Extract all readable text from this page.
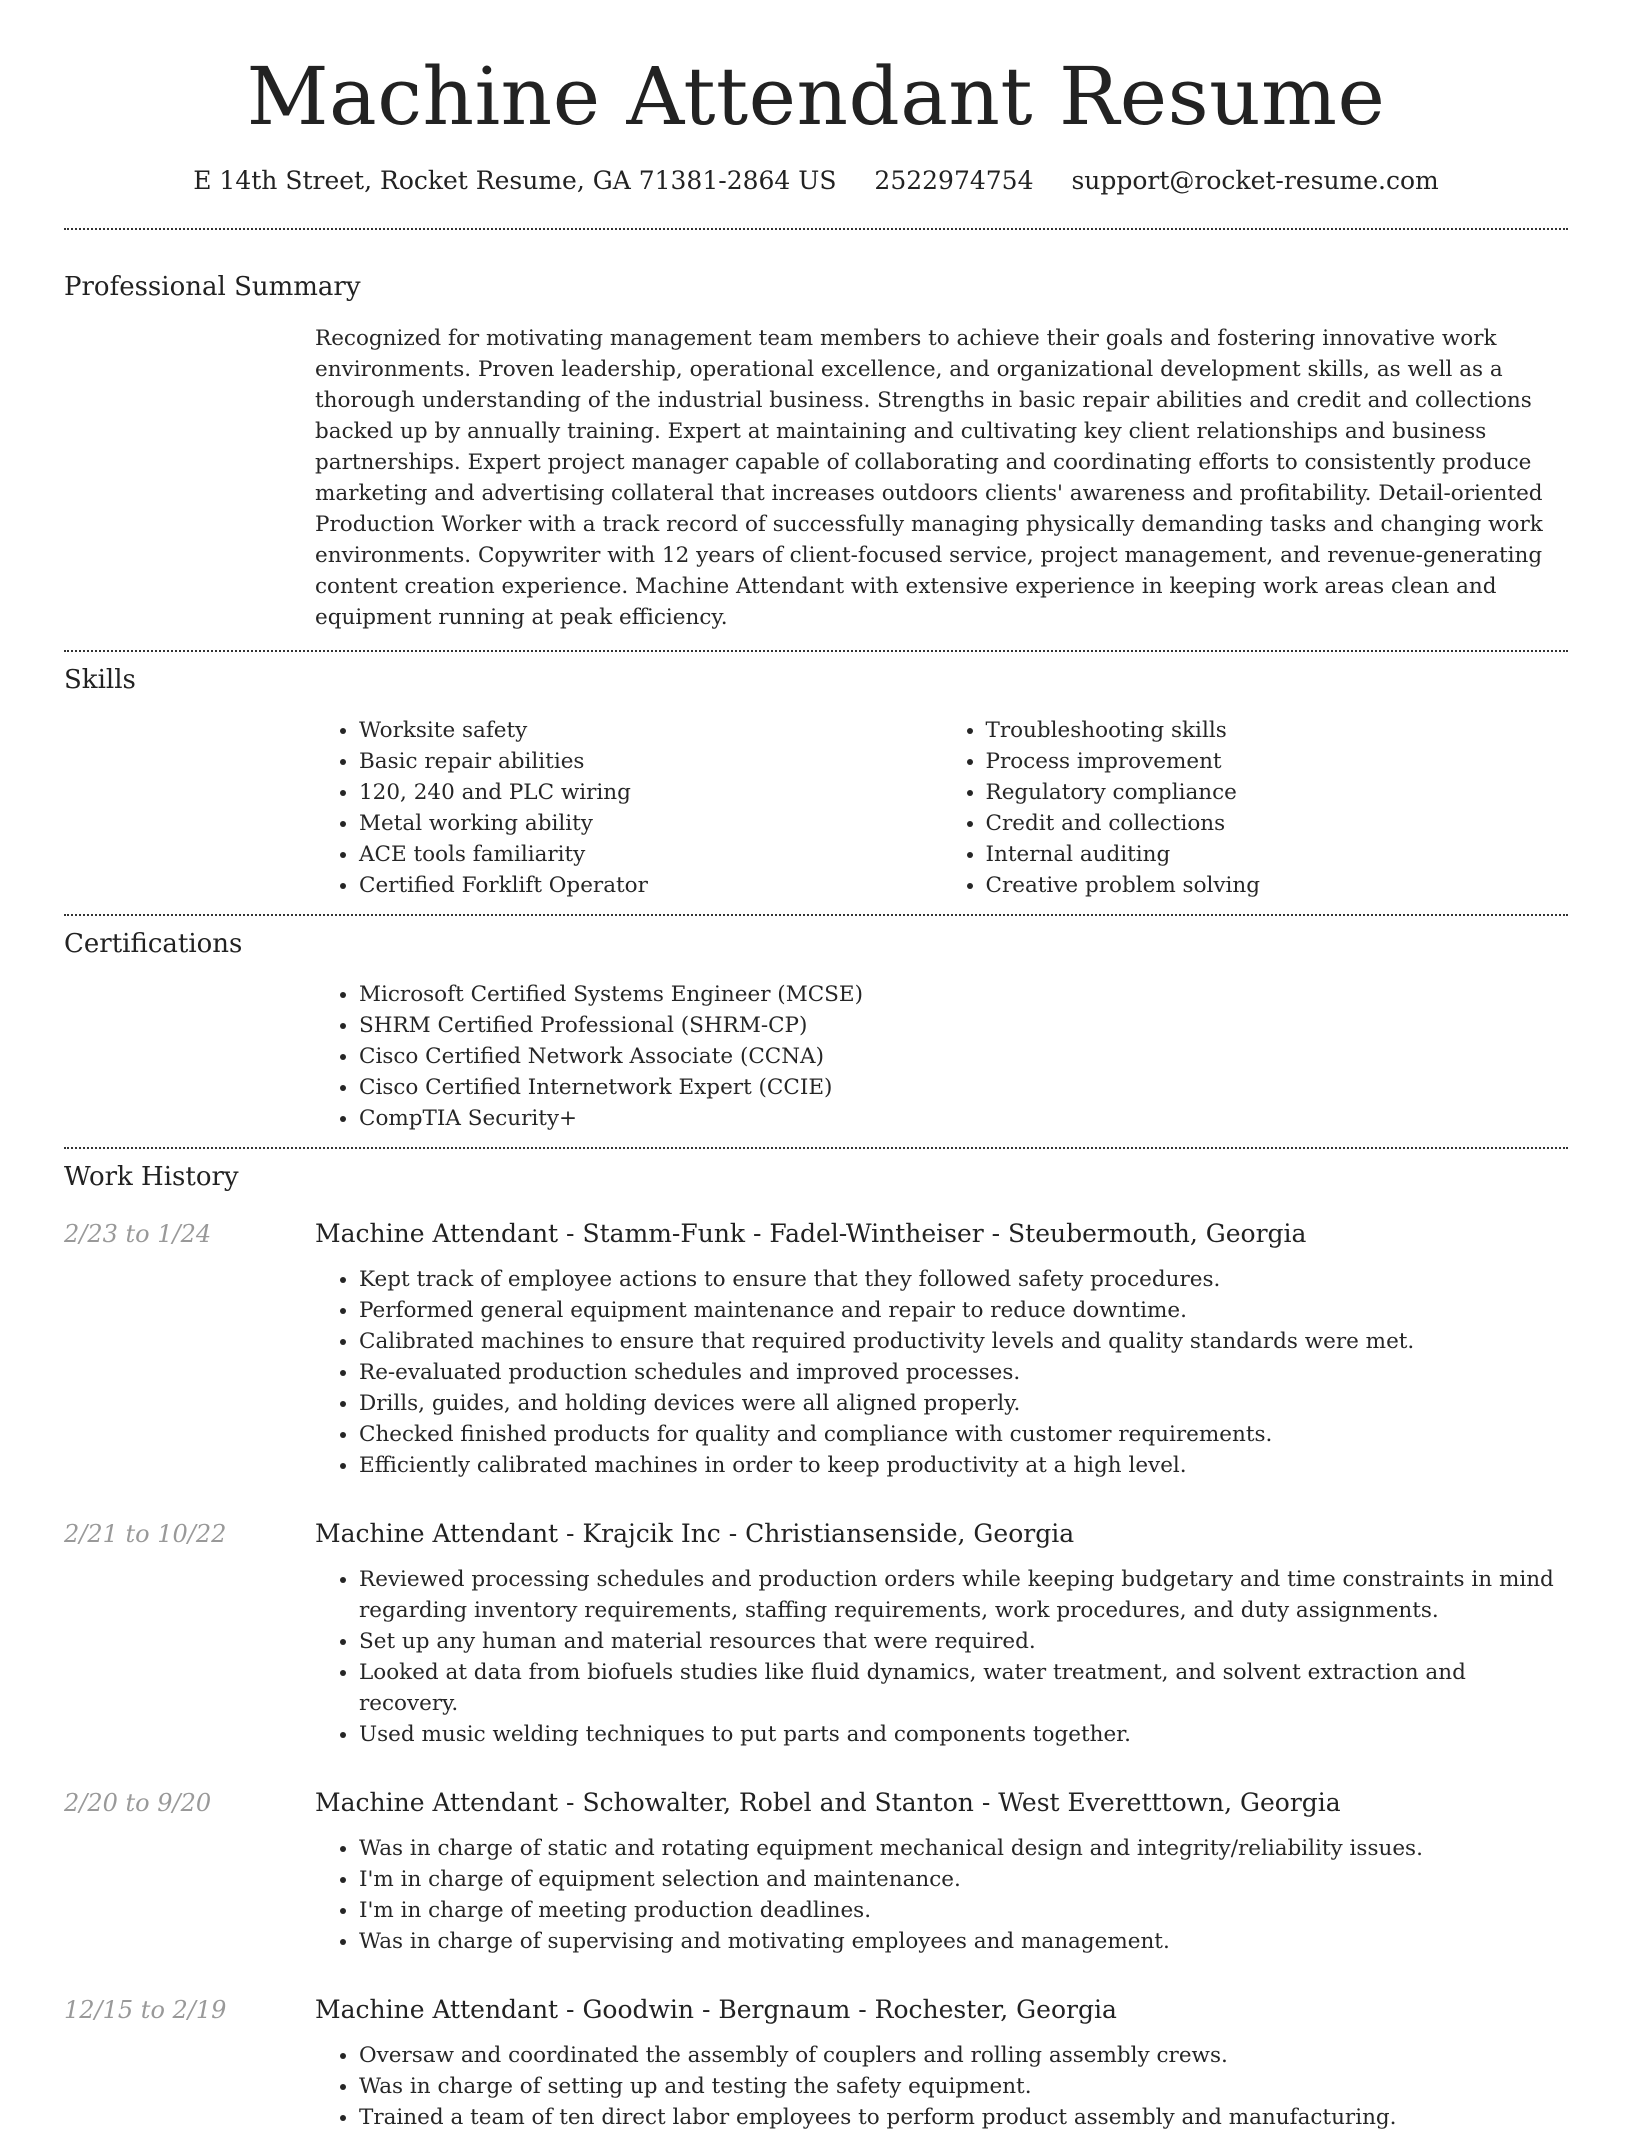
Machine Attendant Resume
E 14th Street, Rocket Resume, GA 71381-2864 US 2522974754 support@rocket-resume.com
Professional Summary

Recognized for motivating management team members to achieve their goals and fostering innovative work environments. Proven leadership, operational excellence, and organizational development skills, as well as a thorough understanding of the industrial business. Strengths in basic repair abilities and credit and collections backed up by annually training. Expert at maintaining and cultivating key client relationships and business partnerships. Expert project manager capable of collaborating and coordinating efforts to consistently produce marketing and advertising collateral that increases outdoors clients' awareness and profitability. Detail-oriented Production Worker with a track record of successfully managing physically demanding tasks and changing work environments. Copywriter with 12 years of client-focused service, project management, and revenue-generating content creation experience. Machine Attendant with extensive experience in keeping work areas clean and equipment running at peak efficiency.

Skills
• Worksite safety
• Basic repair abilities
• 120, 240 and PLC wiring
• Metal working ability
• ACE tools familiarity
• Certified Forklift Operator
• Troubleshooting skills
• Process improvement
• Regulatory compliance
• Credit and collections
• Internal auditing
• Creative problem solving
Certifications
• Microsoft Certified Systems Engineer (MCSE)
• SHRM Certified Professional (SHRM-CP)
• Cisco Certified Network Associate (CCNA)
• Cisco Certified Internetwork Expert (CCIE)
• CompTIA Security+
Work History
2/23 to 1/24	Machine Attendant - Stamm-Funk - Fadel-Wintheiser - Steubermouth, Georgia
• Kept track of employee actions to ensure that they followed safety procedures.
• Performed general equipment maintenance and repair to reduce downtime.
• Calibrated machines to ensure that required productivity levels and quality standards were met.
• Re-evaluated production schedules and improved processes.
• Drills, guides, and holding devices were all aligned properly.
• Checked finished products for quality and compliance with customer requirements.
• Efficiently calibrated machines in order to keep productivity at a high level.
2/21 to 10/22	Machine Attendant - Krajcik Inc - Christiansenside, Georgia
• Reviewed processing schedules and production orders while keeping budgetary and time constraints in mind regarding inventory requirements, staffing requirements, work procedures, and duty assignments.
• Set up any human and material resources that were required.
• Looked at data from biofuels studies like fluid dynamics, water treatment, and solvent extraction and recovery.
• Used music welding techniques to put parts and components together.
2/20 to 9/20	Machine Attendant - Schowalter, Robel and Stanton - West Everetttown, Georgia
• Was in charge of static and rotating equipment mechanical design and integrity/reliability issues.
• I'm in charge of equipment selection and maintenance.
• I'm in charge of meeting production deadlines.
• Was in charge of supervising and motivating employees and management.
12/15 to 2/19	Machine Attendant - Goodwin - Bergnaum - Rochester, Georgia
• Oversaw and coordinated the assembly of couplers and rolling assembly crews.
• Was in charge of setting up and testing the safety equipment.
• Trained a team of ten direct labor employees to perform product assembly and manufacturing.
